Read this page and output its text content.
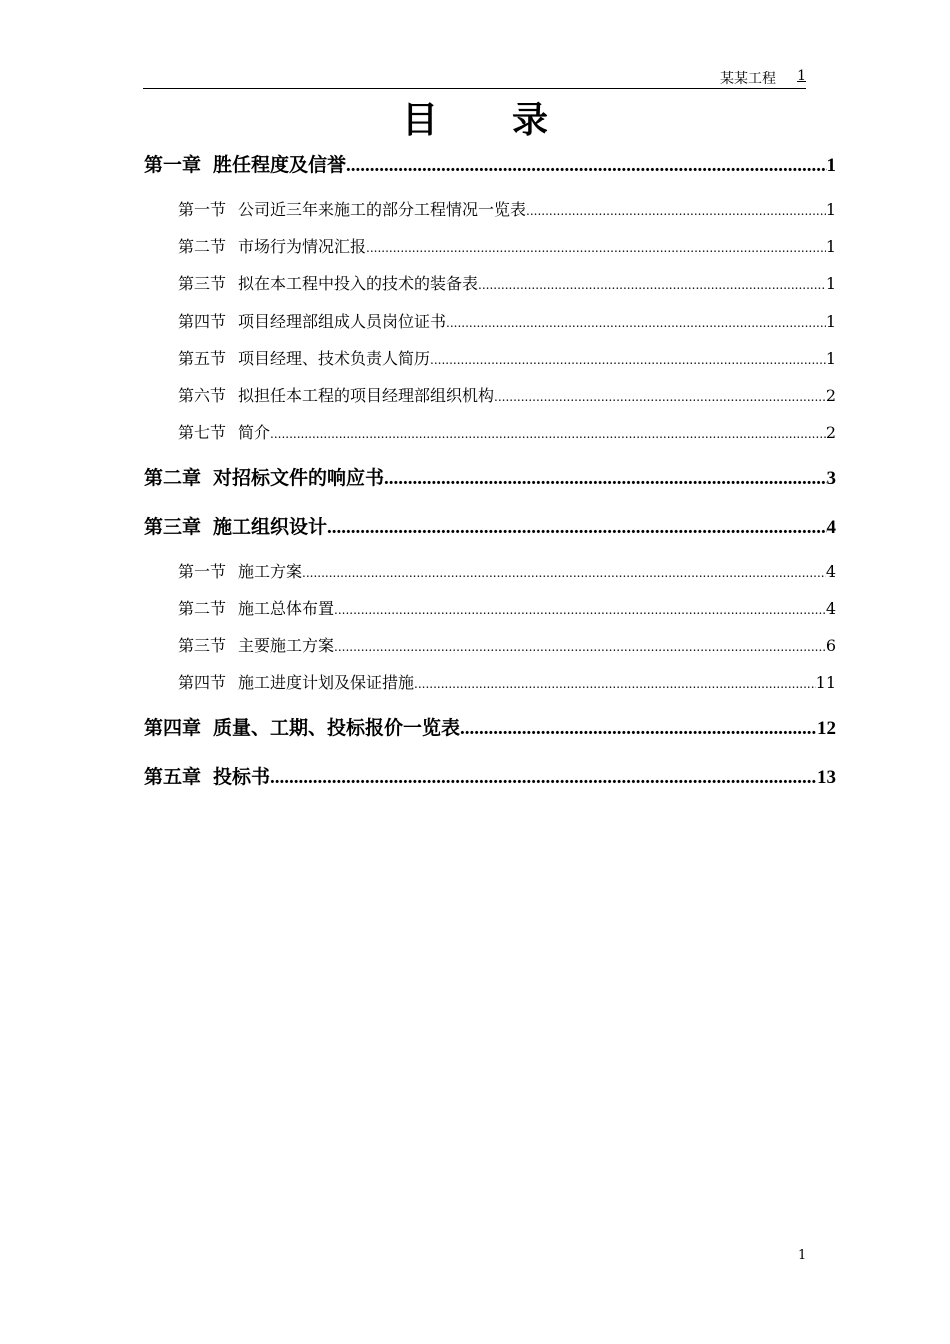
某某工程 1
目录
第一章 胜任程度及信誉 .....	1
第一节 公司近三年来施工的部分工程情况一览表 .....	1
第二节 市场行为情况汇报 .....	1
第三节 拟在本工程中投入的技术的装备表 .....	1
第四节 项目经理部组成人员岗位证书 .....	1
第五节 项目经理、技术负责人简历 .....	1
第六节 拟担任本工程的项目经理部组织机构 .....	2
第七节 简介 .....	2
第二章 对招标文件的响应书 .....	3
第三章 施工组织设计 .....	4
第一节 施工方案 .....	4
第二节 施工总体布置 .....	4
第三节 主要施工方案 .....	6
第四节 施工进度计划及保证措施 .....	11
第四章 质量、工期、投标报价一览表 .....	12
第五章 投标书 .....	13
1
